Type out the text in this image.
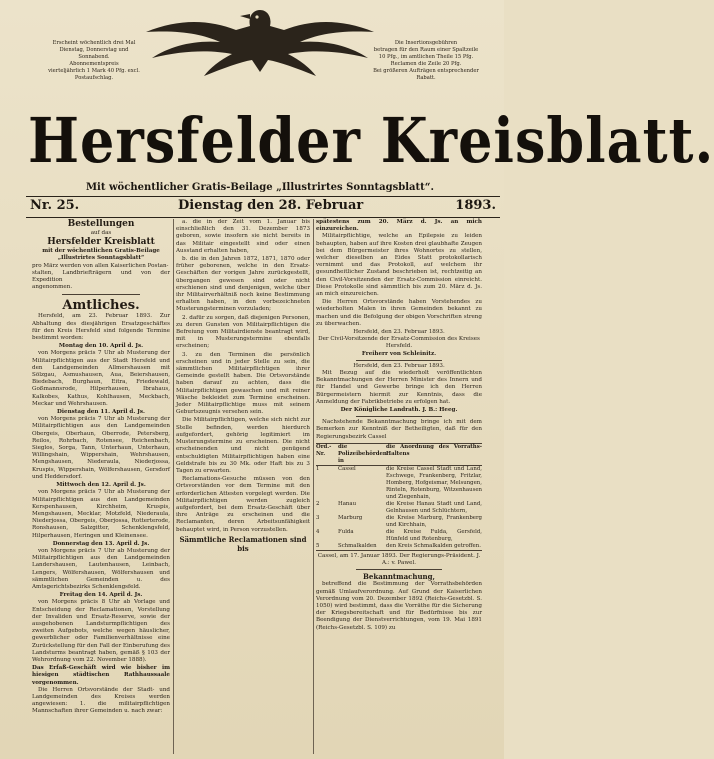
Erscheint wöchentlich drei Mal
Dienstag, Donnerstag und Sonnabend.
Abonnementspreis
vierteljährlich 1 Mark 40 Pfg. excl.
Postaufschlag.
Die Insertionsgebühren
betragen für den Raum einer Spaltzeile
10 Pfg., im amtlichen Theile 15 Pfg.
Reclamen die Zeile 20 Pfg.
Bei größeren Aufträgen entsprechender
Rabatt.
Hersfelder Kreisblatt.
Mit wöchentlicher Gratis-Beilage „Illustrirtes Sonntagsblatt“.
Nr. 25.	Dienstag den 28. Februar	1893.
Bestellungen
auf das
Hersfelder Kreisblatt
mit der wöchentlichen Gratis-Beilage
„Illustrirtes Sonntagsblatt“
pro März werden von allen Kaiserlichen Postan-
stalten, Landbriefträgern und von der Expedition
angenommen.
Amtliches.

Hersfeld, am 23. Februar 1893. Zur Abhaltung des diesjährigen Ersatzgeschäftes für den Kreis Hersfeld sind folgende Termine bestimmt worden:

Montag den 10. April d. Js.

von Morgens präcis 7 Uhr ab Musterung der Militairpflichtigen aus der Stadt Hersfeld und den Landgemeinden Allmershausen mit Sölzgau, Asmushausen, Aua, Beiershausen, Biedebach, Burghaun, Eitra, Friedewald, Goßmannsrode, Hilperhausen, Ibrahaus, Kalkobes, Kathus, Kohlhausen, Meckbach, Meckar und Wehrshausen.

Dienstag den 11. April d. Js.

von Morgens präcis 7 Uhr ab Musterung der Militairpflichtigen aus den Landgemeinden Obergeis, Oberhaun, Oberrode, Petersberg, Reilos, Rohrbach, Rotensee, Reichenbach, Sieglos, Sorga, Tann, Unterhaun, Unterhaun, Willingshain, Wippershain, Wehrshausen, Mengshausen, Niederaula, Niederjossa, Kruspis, Wippershain, Wölfershausen, Gersdorf und Heddersdorf.

Mittwoch den 12. April d. Js.

von Morgens präcis 7 Uhr ab Musterung der Militairpflichtigen aus den Landgemeinden Kerspenhausen, Kirchheim, Kruspis, Mengshausen, Mecklar, Motzfeld, Niederaula, Niederjossa, Obergeis, Oberjossa, Rotterterode, Ronshausen, Salzgitter, Schenklengsfeld, Hilperhausen, Heringen und Kleinensee.

Donnerstag den 13. April d. Js.

von Morgens präcis 7 Uhr ab Musterung der Militairpflichtigen aus den Landgemeinden Landershausen, Lautenhausen, Leinbach, Lengers, Wölfershausen, Wölfershausen und sämmtlichen Gemeinden u. des Amtsgerichtsbezirks Schenklengsfeld.

Freitag den 14. April d. Js.

von Morgens präcis 8 Uhr ab Vorlage und Entscheidung der Reclamationen, Vorstellung der Invaliden und Ersatz-Reserve, sowie der ausgehobenen Landsturmpflichtigen des zweiten Aufgebots, welche wegen häuslicher, gewerblicher oder Familienverhältnisse eine Zurückstellung für den Fall der Einberufung des Landsturms beantragt haben, gemäß § 103 der Wehrordnung vom 22. November 1888).

Das Erfaß-Geschäft wird wie bisher im hiesigen städtischen Rathhaussaale vorgenommen.

Die Herren Ortsvorstände der Stadt- und Landgemeinden des Kreises werden angewiesen: 1. die militairpflichtigen Mannschaften ihrer Gemeinden u. nach zwar:

a. die in der Zeit vom 1. Januar bis einschließlich den 31. Dezember 1873 geboren, sowie insofern sie nicht bereits in das Militair eingestellt sind oder einen Ausstand erhalten haben,

b. die in den Jahren 1872, 1871, 1870 oder früher geborenen, welche in den Ersatz-Geschäften der vorigen Jahre zurückgestellt, übergangen gewesen sind oder nicht erschienen sind und denjenigen, welche über ihr Militairverhältniß noch keine Bestimmung erhalten haben, in den vorbezeichneten Musterungsterminen vorzuladen;

2. dafür zu sorgen, daß diejenigen Personen, zu deren Gunsten von Militairpflichtigen die Befreiung vom Militairdienste beantragt wird, mit in Musterungstermine ebenfalls erscheinen;

3. zu den Terminen die persönlich erscheinen und in jeder Stelle zu sein, die sämmtlichen Militairpflichtigen ihrer Gemeinde gestellt haben. Die Ortsvorstände haben darauf zu achten, dass die Militairpflichtigen gewaschen und mit reiner Wäsche bekleidet zum Termine erscheinen. Jeder Militairpflichtige muss mit seinem Geburtszeugnis versehen sein.

Die Militairpflichtigen, welche sich nicht zur Stelle befinden, werden hierdurch aufgefordert, gehörig legitimiert im Musterungstermine zu erscheinen. Die nicht erscheinenden und nicht genügend entschuldigten Militairpflichtigen haben eine Geldstrafe bis zu 30 Mk. oder Haft bis zu 3 Tagen zu erwarten.

Reclamations-Gesuche müssen von den Ortsvorständen vor dem Termine mit den erforderlichen Attesten vorgelegt werden. Die Militairpflichtigen werden zugleich aufgefordert, bei dem Ersatz-Geschäft über ihre Anträge zu erscheinen und die Reclamanten, deren Arbeitsunfähigkeit behauptet wird, in Person vorzustellen.

Sämmtliche Reclamationen sind bis
spätestens zum 20. März d. Js. an mich einzureichen.

Militairpflichtige, welche an Epilepsie zu leiden behaupten, haben auf ihre Kosten drei glaubhafte Zeugen bei dem Bürgermeister ihres Wohnortes zu stellen, welcher dieselben an Eides Statt protokollarisch vernimmt und das Protokoll, auf welchem ihr gesundheitlicher Zustand beschrieben ist, rechtzeitig an den Civil-Vorsitzenden der Ersatz-Commission einreicht. Diese Protokolle sind sämmtlich bis zum 20. März d. Js. an mich einzureichen.

Die Herren Ortsvorstände haben Vorstehendes zu wiederholten Malen in ihren Gemeinden bekannt zu machen und die Befolgung der obigen Vorschriften streng zu überwachen.

Hersfeld, den 23. Februar 1893.
Der Civil-Vorsitzende der Ersatz-Commission des Kreises Hersfeld.
Freiherr von Schleinitz.
Hersfeld, den 23. Februar 1893.

Mit Bezug auf die wiederholt veröffentlichten Bekanntmachungen der Herren Minister des Innern und für Handel und Gewerbe bringe ich den Herren Bürgermeistern hiermit zur Kenntnis, dass die Anmeldung der Fabrikbetriebe zu erfolgen hat.

Der Königliche Landrath. J. B.: Heeg.

Nachstehende Bekanntmachung bringe ich mit dem Bemerken zur Kenntniß der Betheiligten, daß für den Regierungsbezirk Cassel

Ord.-Nr.
die Polizeibehörden in
die Anordnung des Vorraths-Haltens
1	Cassel	die Kreise Cassel Stadt und Land, Eschwege, Frankenberg, Fritzlar, Homberg, Hofgeismar, Melsungen, Rinteln, Rotenburg, Witzenhausen und Ziegenhain,
2	Hanau	die Kreise Hanau Stadt und Land, Gelnhausen und Schlüchtern,
3	Marburg	die Kreise Marburg, Frankenberg und Kirchhain,
4	Fulda	die Kreise Fulda, Gersfeld, Hünfeld und Rotenburg,
5	Schmalkalden	den Kreis Schmalkalden getroffen.
Cassel, am 17. Januar 1893. Der Regierungs-Präsident. J. A.: v. Pawel.
Bekanntmachung,

betreffend die Bestimmung der Vorrathsbehörden gemäß Umlaufverordnung. Auf Grund der Kaiserlichen Verordnung vom 20. Dezember 1892 (Reichs-Gesetzbl. S. 1050) wird bestimmt, dass die Vorräthe für die Sicherung der Kriegsbereitschaft und für Bedürfnisse bis zur Beendigung der Dienstverrichtungen, vom 19. Mai 1891 (Reichs-Gesetzbl. S. 109) zu
